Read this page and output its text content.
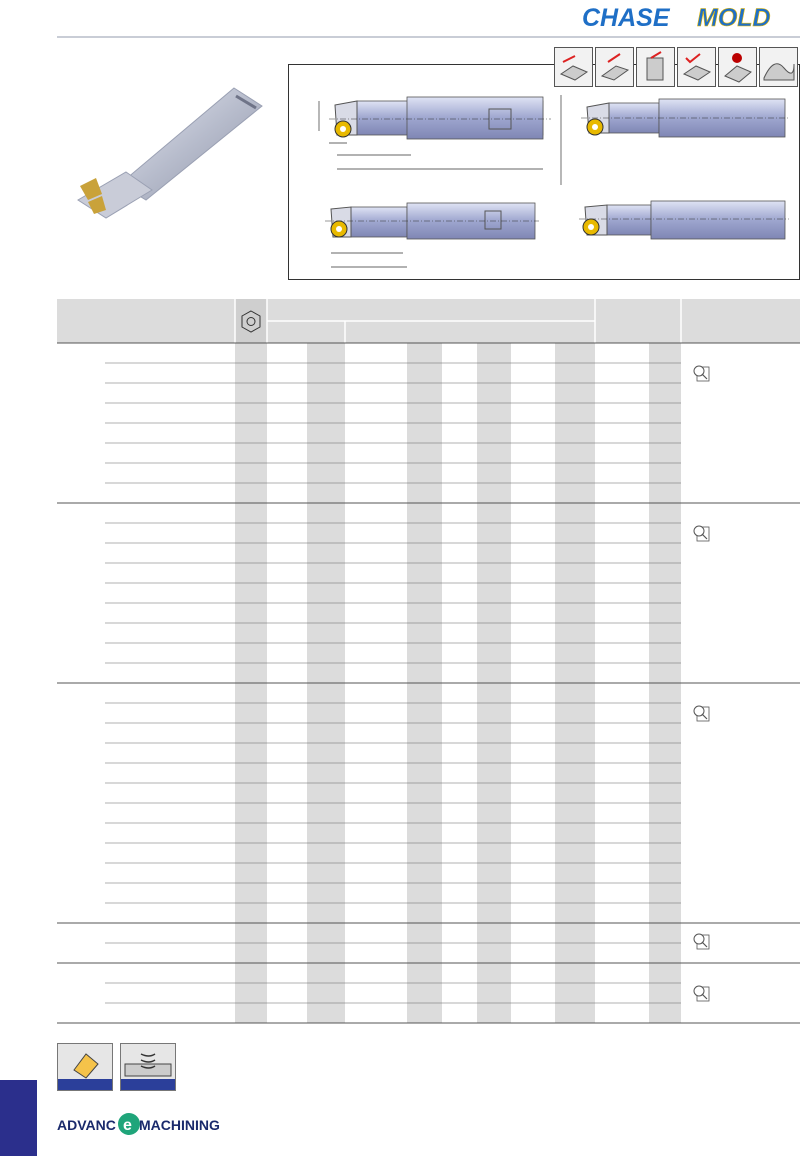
CHASE MOLD
ADVANC e MACHINING
